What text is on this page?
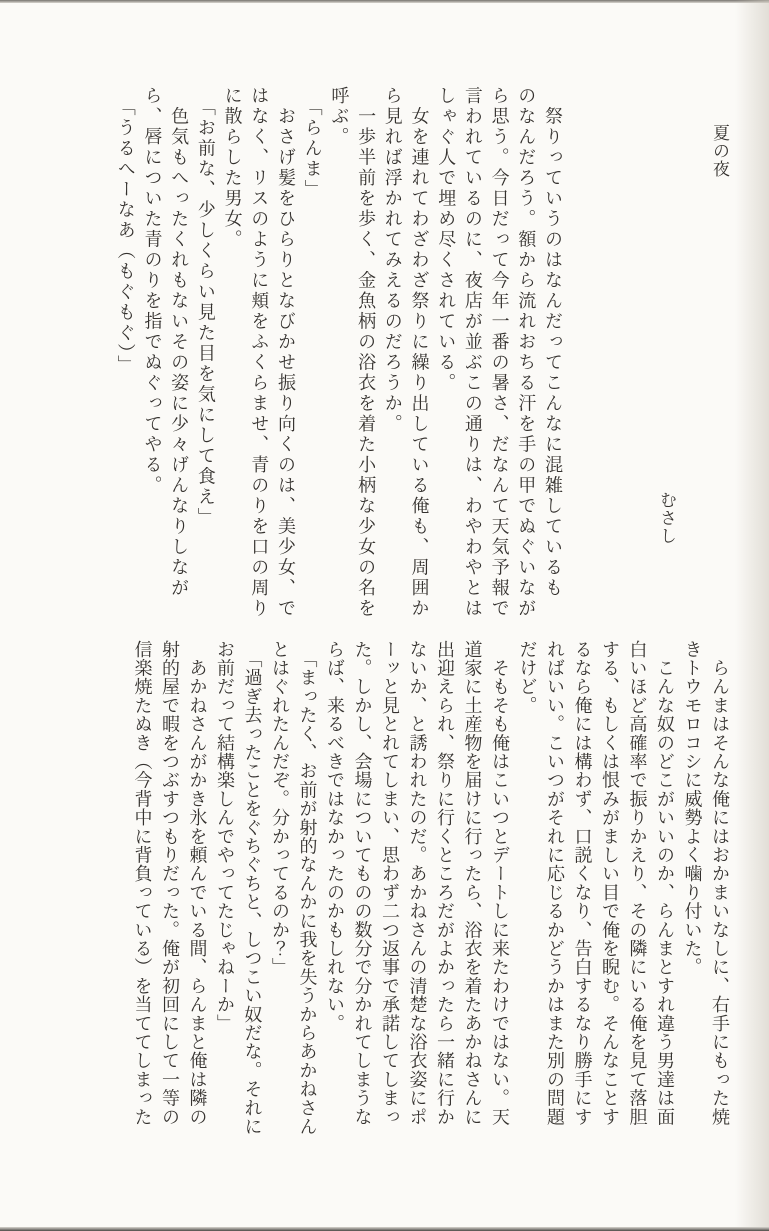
夏の夜
むさし

　祭りっていうのはなんだってこんなに混雑しているも

のなんだろう。額から流れおちる汗を手の甲でぬぐいなが

ら思う。今日だって今年一番の暑さ、だなんて天気予報で

言われているのに、夜店が並ぶこの通りは、わやわやとは

しゃぐ人で埋め尽くされている。

　女を連れてわざわざ祭りに繰り出している俺も、周囲か

ら見れば浮かれてみえるのだろうか。

　一歩半前を歩く、金魚柄の浴衣を着た小柄な少女の名を

呼ぶ。

　「らんま」

　おさげ髪をひらりとなびかせ振り向くのは、美少女、で

はなく、リスのように頬をふくらませ、青のりを口の周り

に散らした男女。

　「お前な、少しくらい見た目を気にして食え」

　色気もへったくれもないその姿に少々げんなりしなが

ら、唇についた青のりを指でぬぐってやる。

　「うるへーなあ（もぐもぐ）」

　らんまはそんな俺にはおかまいなしに、右手にもった焼

きトウモロコシに威勢よく噛り付いた。

　こんな奴のどこがいいのか、らんまとすれ違う男達は面

白いほど高確率で振りかえり、その隣にいる俺を見て落胆

する、もしくは恨みがましい目で俺を睨む。そんなことす

るなら俺には構わず、口説くなり、告白するなり勝手にす

ればいい。こいつがそれに応じるかどうかはまた別の問題

だけど。

　そもそも俺はこいつとデートしに来たわけではない。天

道家に土産物を届けに行ったら、浴衣を着たあかねさんに

出迎えられ、祭りに行くところだがよかったら一緒に行か

ないか、と誘われたのだ。あかねさんの清楚な浴衣姿にポ

ーッと見とれてしまい、思わず二つ返事で承諾してしまっ

た。しかし、会場についてものの数分で分かれてしまうな

らば、来るべきではなかったのかもしれない。

　「まったく、お前が射的なんかに我を失うからあかねさん

とはぐれたんだぞ。分かってるのか？」

　「過ぎ去ったことをぐちぐちと、しつこい奴だな。それに

お前だって結構楽しんでやってたじゃねーか」

　あかねさんがかき氷を頼んでいる間、らんまと俺は隣の

射的屋で暇をつぶすつもりだった。俺が初回にして一等の

信楽焼たぬき（今背中に背負っている）を当ててしまった
